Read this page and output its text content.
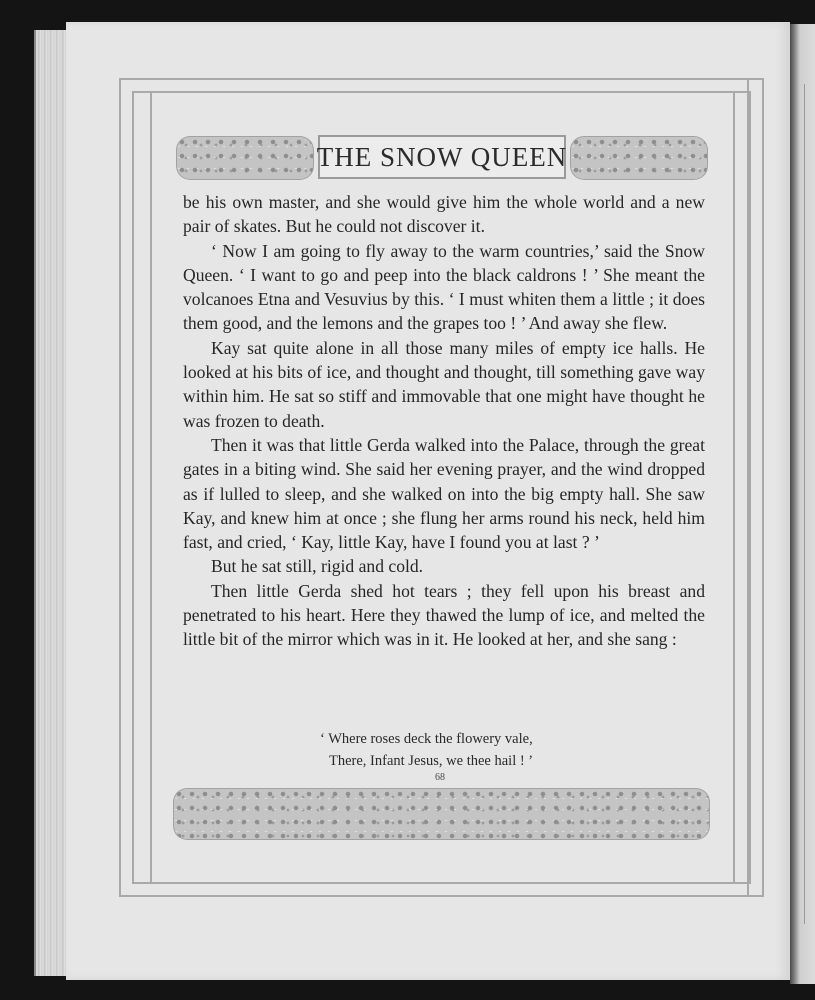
THE SNOW QUEEN

be his own master, and she would give him the whole world and a new pair of skates. But he could not discover it.

‘ Now I am going to fly away to the warm countries,’ said the Snow Queen. ‘ I want to go and peep into the black caldrons ! ’ She meant the volcanoes Etna and Vesuvius by this. ‘ I must whiten them a little ; it does them good, and the lemons and the grapes too ! ’ And away she flew.

Kay sat quite alone in all those many miles of empty ice halls. He looked at his bits of ice, and thought and thought, till something gave way within him. He sat so stiff and immovable that one might have thought he was frozen to death.

Then it was that little Gerda walked into the Palace, through the great gates in a biting wind. She said her evening prayer, and the wind dropped as if lulled to sleep, and she walked on into the big empty hall. She saw Kay, and knew him at once ; she flung her arms round his neck, held him fast, and cried, ‘ Kay, little Kay, have I found you at last ? ’

But he sat still, rigid and cold.

Then little Gerda shed hot tears ; they fell upon his breast and penetrated to his heart. Here they thawed the lump of ice, and melted the little bit of the mirror which was in it. He looked at her, and she sang :

‘ Where roses deck the flowery vale,
There, Infant Jesus, we thee hail ! ’
68
